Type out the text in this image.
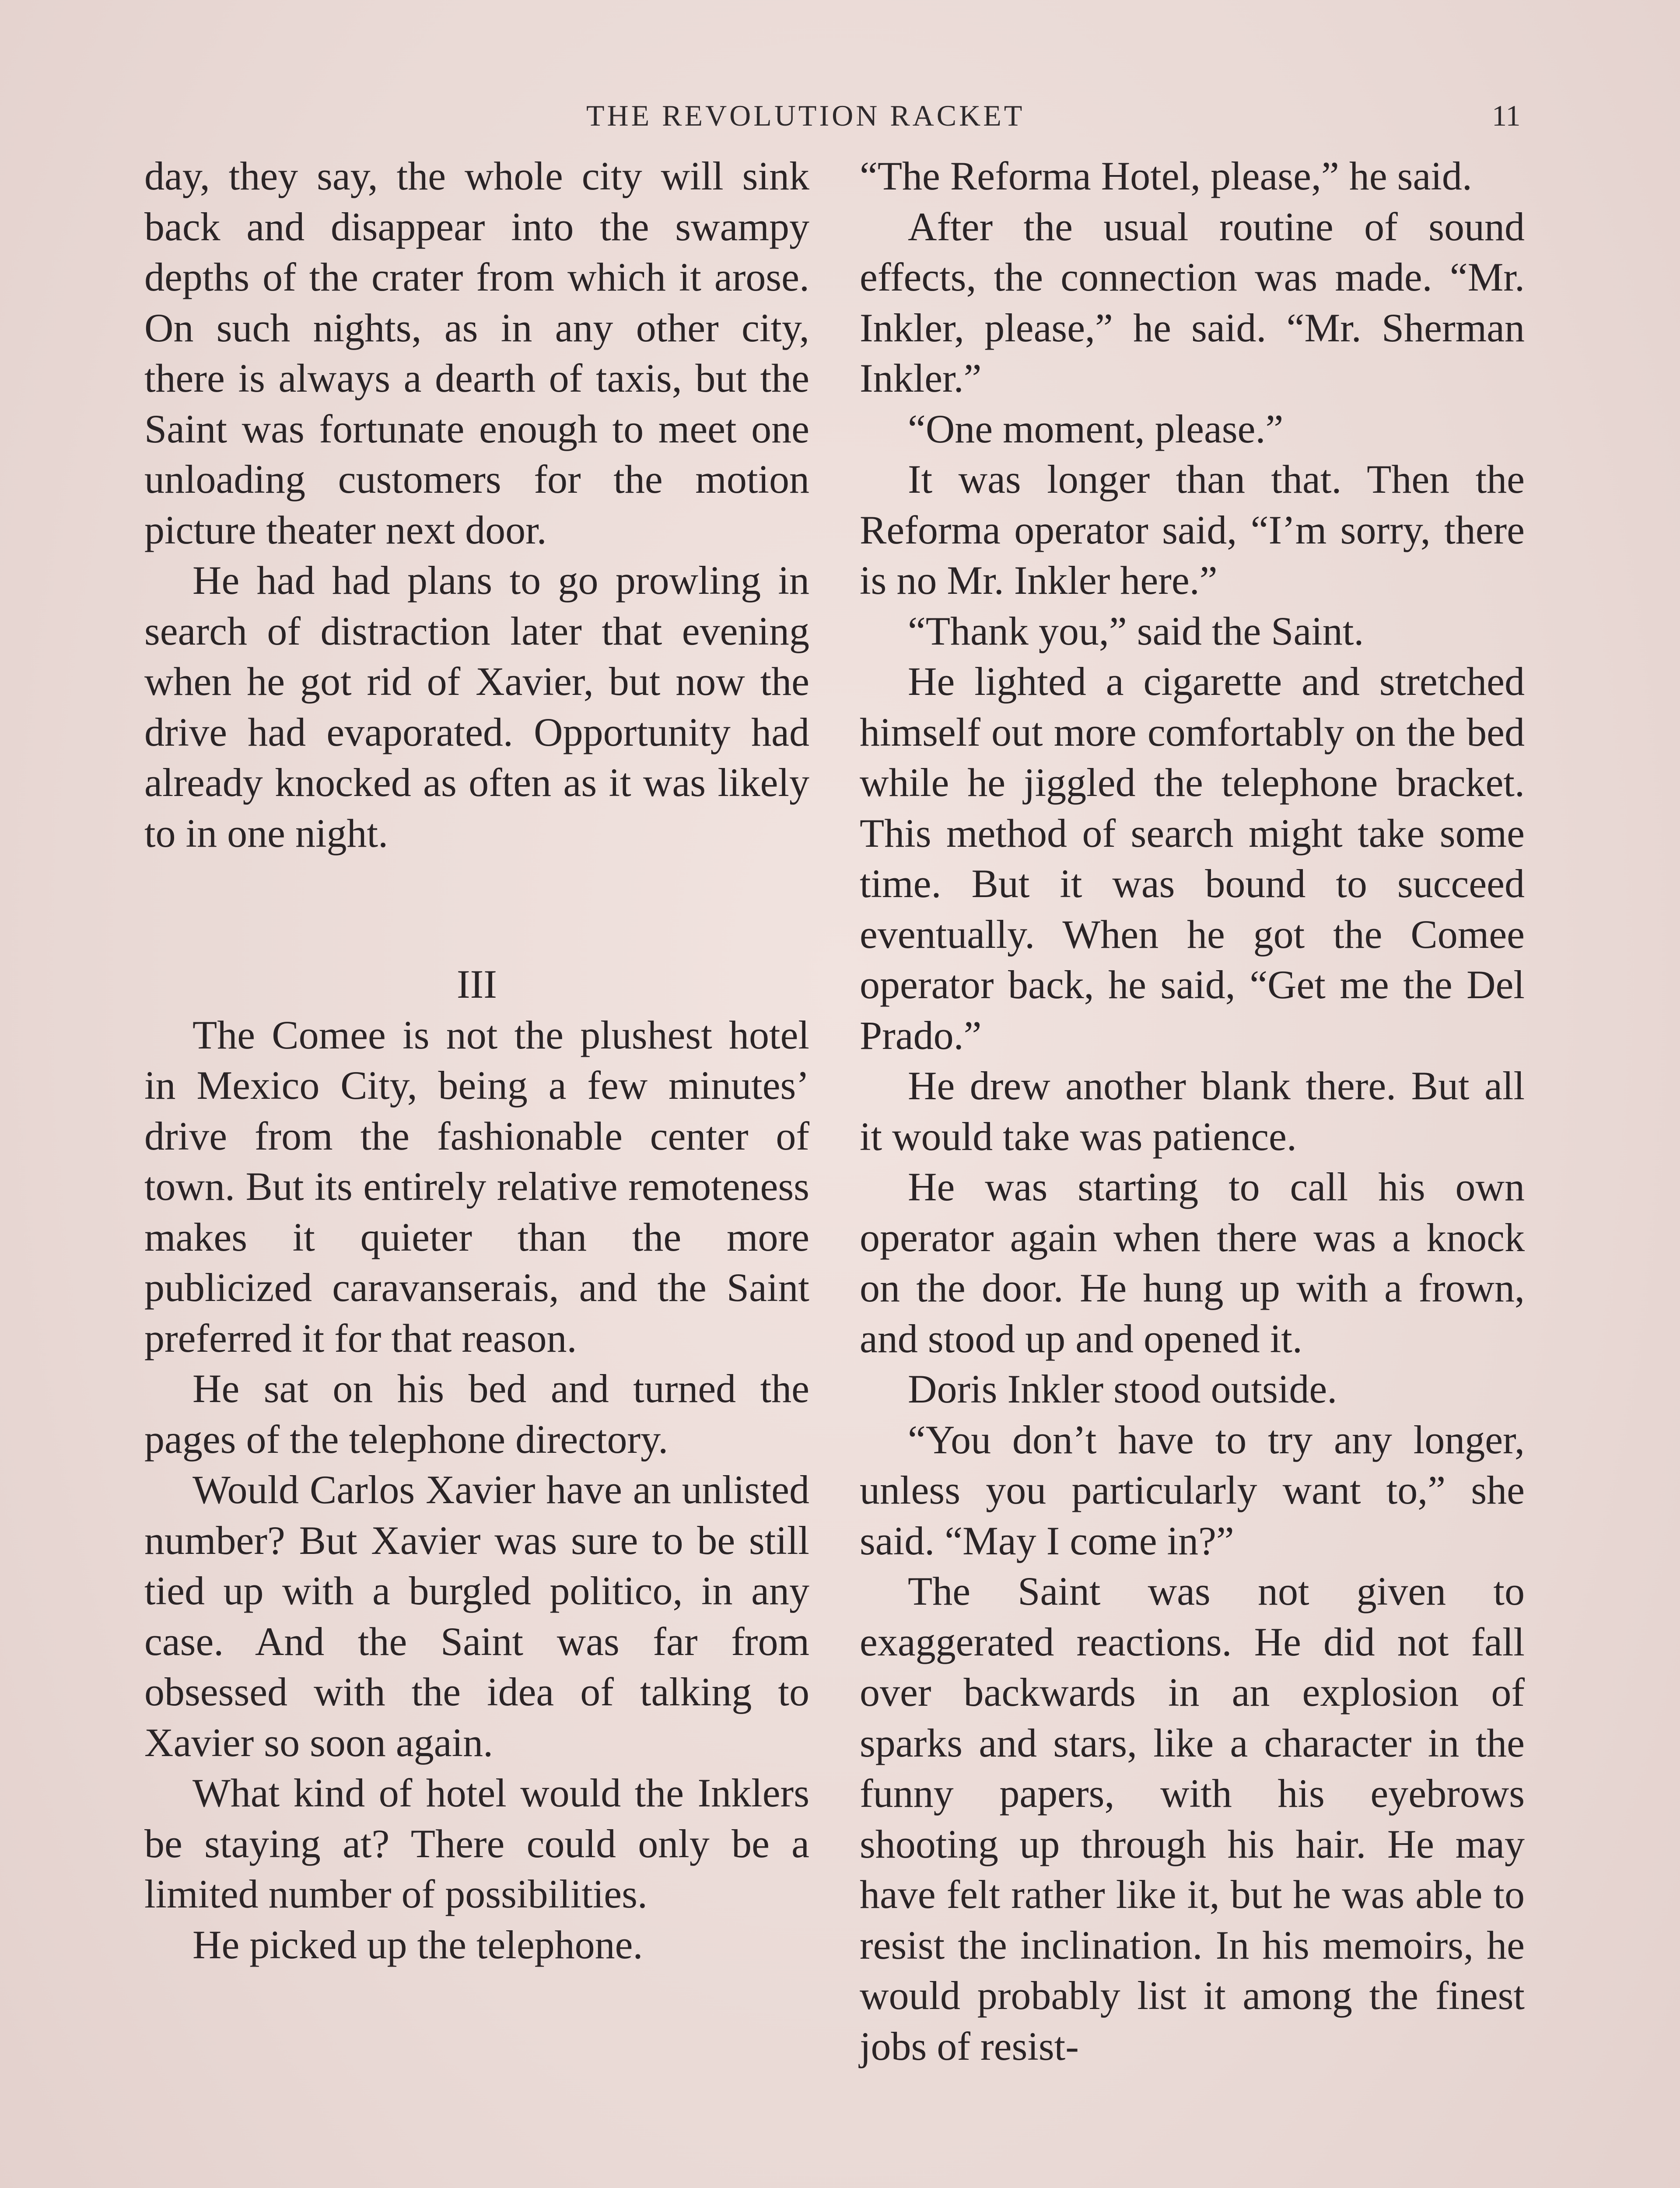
THE REVOLUTION RACKET	11

day, they say, the whole city will sink back and disappear into the swampy depths of the crater from which it arose. On such nights, as in any other city, there is always a dearth of taxis, but the Saint was fortunate enough to meet one unloading customers for the motion picture theater next door.

He had had plans to go prowling in search of distraction later that evening when he got rid of Xavier, but now the drive had evaporated. Opportunity had already knocked as often as it was likely to in one night.

III

The Comee is not the plushest hotel in Mexico City, being a few minutes’ drive from the fashionable center of town. But its entirely relative remoteness makes it quieter than the more publicized caravanserais, and the Saint preferred it for that reason.

He sat on his bed and turned the pages of the telephone directory.

Would Carlos Xavier have an unlisted number? But Xavier was sure to be still tied up with a burgled politico, in any case. And the Saint was far from obsessed with the idea of talking to Xavier so soon again.

What kind of hotel would the Inklers be staying at? There could only be a limited number of possibilities.

He picked up the telephone.

“The Reforma Hotel, please,” he said.

After the usual routine of sound effects, the connection was made. “Mr. Inkler, please,” he said. “Mr. Sherman Inkler.”

“One moment, please.”

It was longer than that. Then the Reforma operator said, “I’m sorry, there is no Mr. Inkler here.”

“Thank you,” said the Saint.

He lighted a cigarette and stretched himself out more comfortably on the bed while he jiggled the telephone bracket. This method of search might take some time. But it was bound to succeed eventually. When he got the Comee operator back, he said, “Get me the Del Prado.”

He drew another blank there. But all it would take was patience.

He was starting to call his own operator again when there was a knock on the door. He hung up with a frown, and stood up and opened it.

Doris Inkler stood outside.

“You don’t have to try any longer, unless you particularly want to,” she said. “May I come in?”

The Saint was not given to exaggerated reactions. He did not fall over backwards in an explosion of sparks and stars, like a character in the funny papers, with his eyebrows shooting up through his hair. He may have felt rather like it, but he was able to resist the inclination. In his memoirs, he would probably list it among the finest jobs of resist-
